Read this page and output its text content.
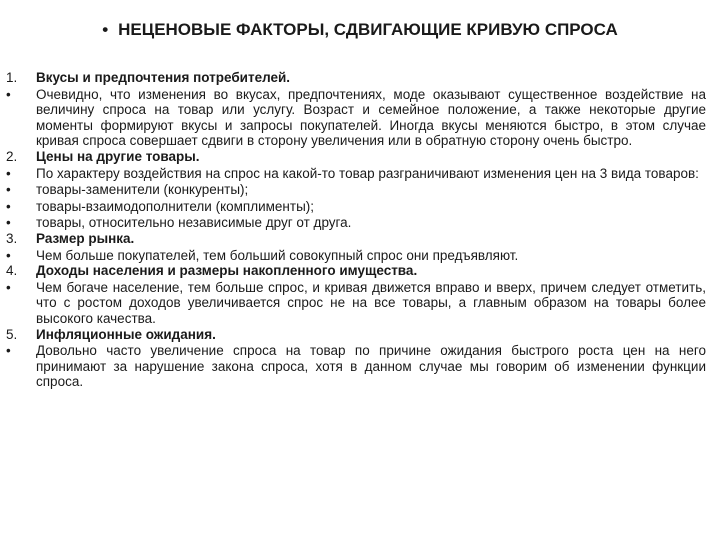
• НЕЦЕНОВЫЕ ФАКТОРЫ, СДВИГАЮЩИЕ КРИВУЮ СПРОСА
1.	Вкусы и предпочтения потребителей.
•	Очевидно, что изменения во вкусах, предпочтениях, моде оказывают существенное воздействие на величину спроса на товар или услугу. Возраст и семейное положение, а также некоторые другие моменты формируют вкусы и запросы покупателей. Иногда вкусы меняются быстро, в этом случае кривая спроса совершает сдвиги в сторону увеличения или в обратную сторону очень быстро.
2.	Цены на другие товары.
•	По характеру воздействия на спрос на какой-то товар разграничивают изменения цен на 3 вида товаров:
•	товары-заменители (конкуренты);
•	товары-взаимодополнители (комплименты);
•	товары, относительно независимые друг от друга.
3.	Размер рынка.
•	Чем больше покупателей, тем больший совокупный спрос они предъявляют.
4.	Доходы населения и размеры накопленного имущества.
•	Чем богаче население, тем больше спрос, и кривая движется вправо и вверх, причем следует отметить, что с ростом доходов увеличивается спрос не на все товары, а главным образом на товары более высокого качества.
5.	Инфляционные ожидания.
•	Довольно часто увеличение спроса на товар по причине ожидания быстрого роста цен на него принимают за нарушение закона спроса, хотя в данном случае мы говорим об изменении функции спроса.
